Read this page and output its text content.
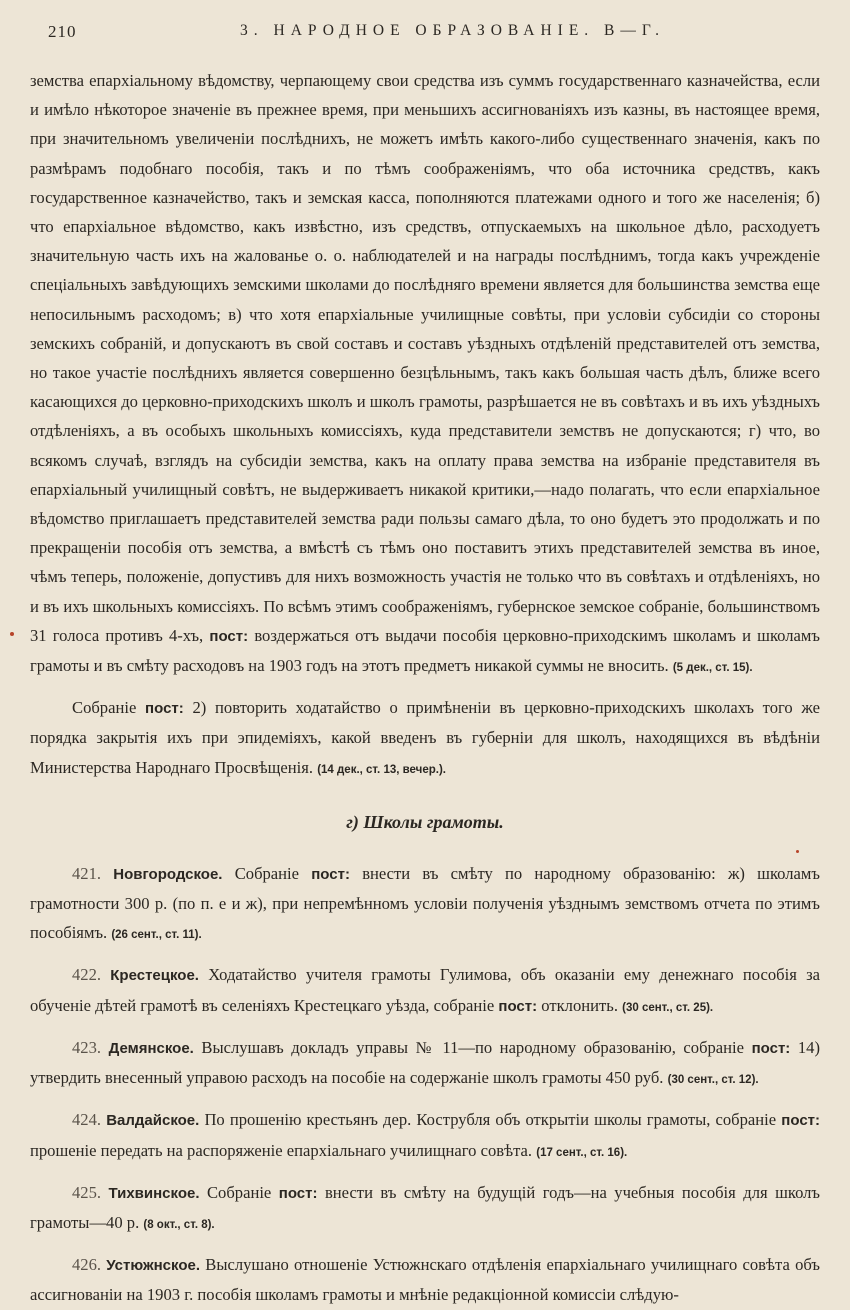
210	3. НАРОДНОЕ ОБРАЗОВАНІЕ. В—Г.

земства епархіальному вѣдомству, черпающему свои средства изъ суммъ государственнаго казначейства, если и имѣло нѣкоторое значеніе въ прежнее время, при меньшихъ ассигнованіяхъ изъ казны, въ настоящее время, при значительномъ увеличеніи послѣднихъ, не можетъ имѣть какого-либо существеннаго значенія, какъ по размѣрамъ подобнаго пособія, такъ и по тѣмъ соображеніямъ, что оба источника средствъ, какъ государственное казначейство, такъ и земская касса, пополняются платежами одного и того же населенія; б) что епархіальное вѣдомство, какъ извѣстно, изъ средствъ, отпускаемыхъ на школьное дѣло, расходуетъ значительную часть ихъ на жалованье о. о. наблюдателей и на награды послѣднимъ, тогда какъ учрежденіе спеціальныхъ завѣдующихъ земскими школами до послѣдняго времени является для большинства земства еще непосильнымъ расходомъ; в) что хотя епархіальные училищные совѣты, при условіи субсидіи со стороны земскихъ собраній, и допускаютъ въ свой составъ и составъ уѣздныхъ отдѣленій представителей отъ земства, но такое участіе послѣднихъ является совершенно безцѣльнымъ, такъ какъ большая часть дѣлъ, ближе всего касающихся до церковно-приходскихъ школъ и школъ грамоты, разрѣшается не въ совѣтахъ и въ ихъ уѣздныхъ отдѣленіяхъ, а въ особыхъ школьныхъ комиссіяхъ, куда представители земствъ не допускаются; г) что, во всякомъ случаѣ, взглядъ на субсидіи земства, какъ на оплату права земства на избраніе представителя въ епархіальный училищный совѣтъ, не выдерживаетъ никакой критики,—надо полагать, что если епархіальное вѣдомство приглашаетъ представителей земства ради пользы самаго дѣла, то оно будетъ это продолжать и по прекращеніи пособія отъ земства, а вмѣстѣ съ тѣмъ оно поставитъ этихъ представителей земства въ иное, чѣмъ теперь, положеніе, допустивъ для нихъ возможность участія не только что въ совѣтахъ и отдѣленіяхъ, но и въ ихъ школьныхъ комиссіяхъ. По всѣмъ этимъ соображеніямъ, губернское земское собраніе, большинствомъ 31 голоса противъ 4-хъ, пост: воздержаться отъ выдачи пособія церковно-приходскимъ школамъ и школамъ грамоты и въ смѣту расходовъ на 1903 годъ на этотъ предметъ никакой суммы не вносить. (5 дек., ст. 15).

Собраніе пост: 2) повторить ходатайство о примѣненіи въ церковно-приходскихъ школахъ того же порядка закрытія ихъ при эпидеміяхъ, какой введенъ въ губерніи для школъ, находящихся въ вѣдѣніи Министерства Народнаго Просвѣщенія. (14 дек., ст. 13, вечер.).

г) Школы грамоты.

421. Новгородское. Собраніе пост: внести въ смѣту по народному образованію: ж) школамъ грамотности 300 р. (по п. е и ж), при непремѣнномъ условіи полученія уѣзднымъ земствомъ отчета по этимъ пособіямъ. (26 сент., ст. 11).

422. Крестецкое. Ходатайство учителя грамоты Гулимова, объ оказаніи ему денежнаго пособія за обученіе дѣтей грамотѣ въ селеніяхъ Крестецкаго уѣзда, собраніе пост: отклонить. (30 сент., ст. 25).

423. Демянское. Выслушавъ докладъ управы № 11—по народному образованію, собраніе пост: 14) утвердить внесенный управою расходъ на пособіе на содержаніе школъ грамоты 450 руб. (30 сент., ст. 12).

424. Валдайское. По прошенію крестьянъ дер. Кострубля объ открытіи школы грамоты, собраніе пост: прошеніе передать на распоряженіе епархіальнаго училищнаго совѣта. (17 сент., ст. 16).

425. Тихвинское. Собраніе пост: внести въ смѣту на будущій годъ—на учебныя пособія для школъ грамоты—40 р. (8 окт., ст. 8).

426. Устюжнское. Выслушано отношеніе Устюжнскаго отдѣленія епархіальнаго училищнаго совѣта объ ассигнованіи на 1903 г. пособія школамъ грамоты и мнѣніе редакціонной комиссіи слѣдую-
